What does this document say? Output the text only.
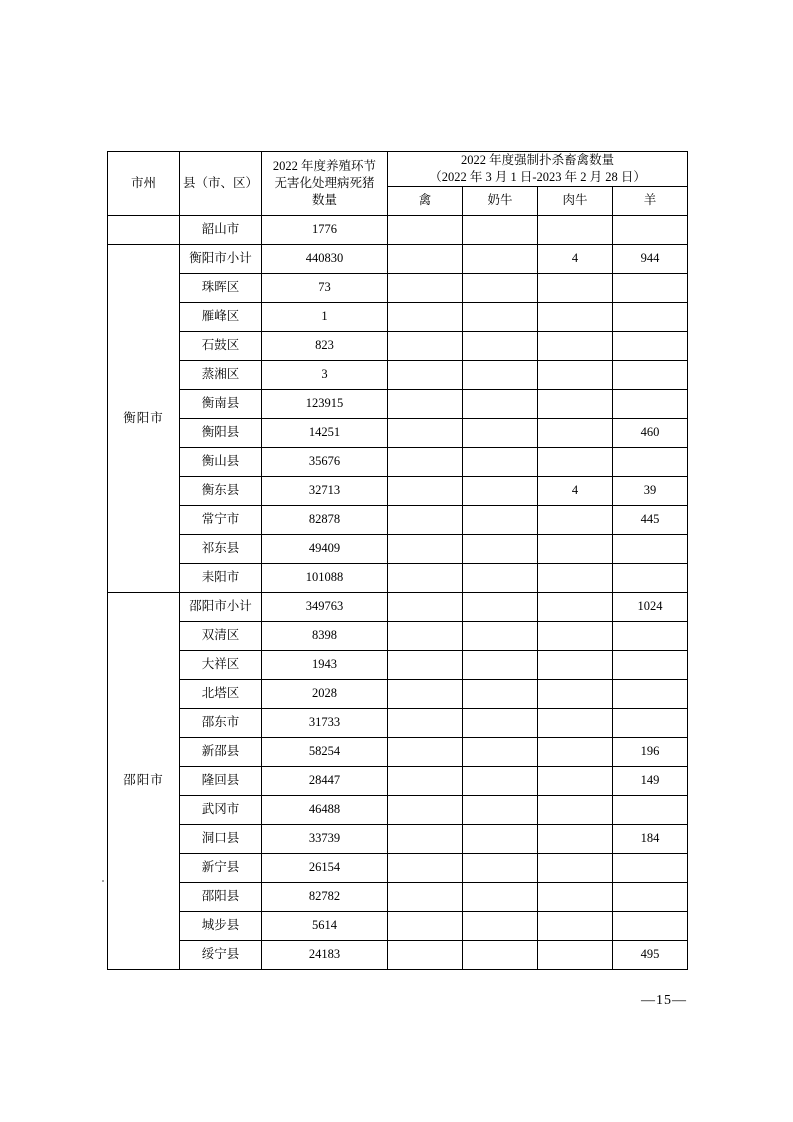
市州	县（市、区）	2022 年度养殖环节
无害化处理病死猪
数量	2022 年度强制扑杀畜禽数量
（2022 年 3 月 1 日-2023 年 2 月 28 日）			

			禽	奶牛	肉牛	羊
	韶山市	1776				
衡阳市	衡阳市小计	440830			4	944
	珠晖区	73				
	雁峰区	1				
	石鼓区	823				
	蒸湘区	3				
	衡南县	123915				
	衡阳县	14251				460
	衡山县	35676				
	衡东县	32713			4	39
	常宁市	82878				445
	祁东县	49409				
	耒阳市	101088				
邵阳市	邵阳市小计	349763				1024
	双清区	8398				
	大祥区	1943				
	北塔区	2028				
	邵东市	31733				
	新邵县	58254				196
	隆回县	28447				149
	武冈市	46488				
	洞口县	33739				184
	新宁县	26154				
	邵阳县	82782				
	城步县	5614				
	绥宁县	24183				495
—15—
